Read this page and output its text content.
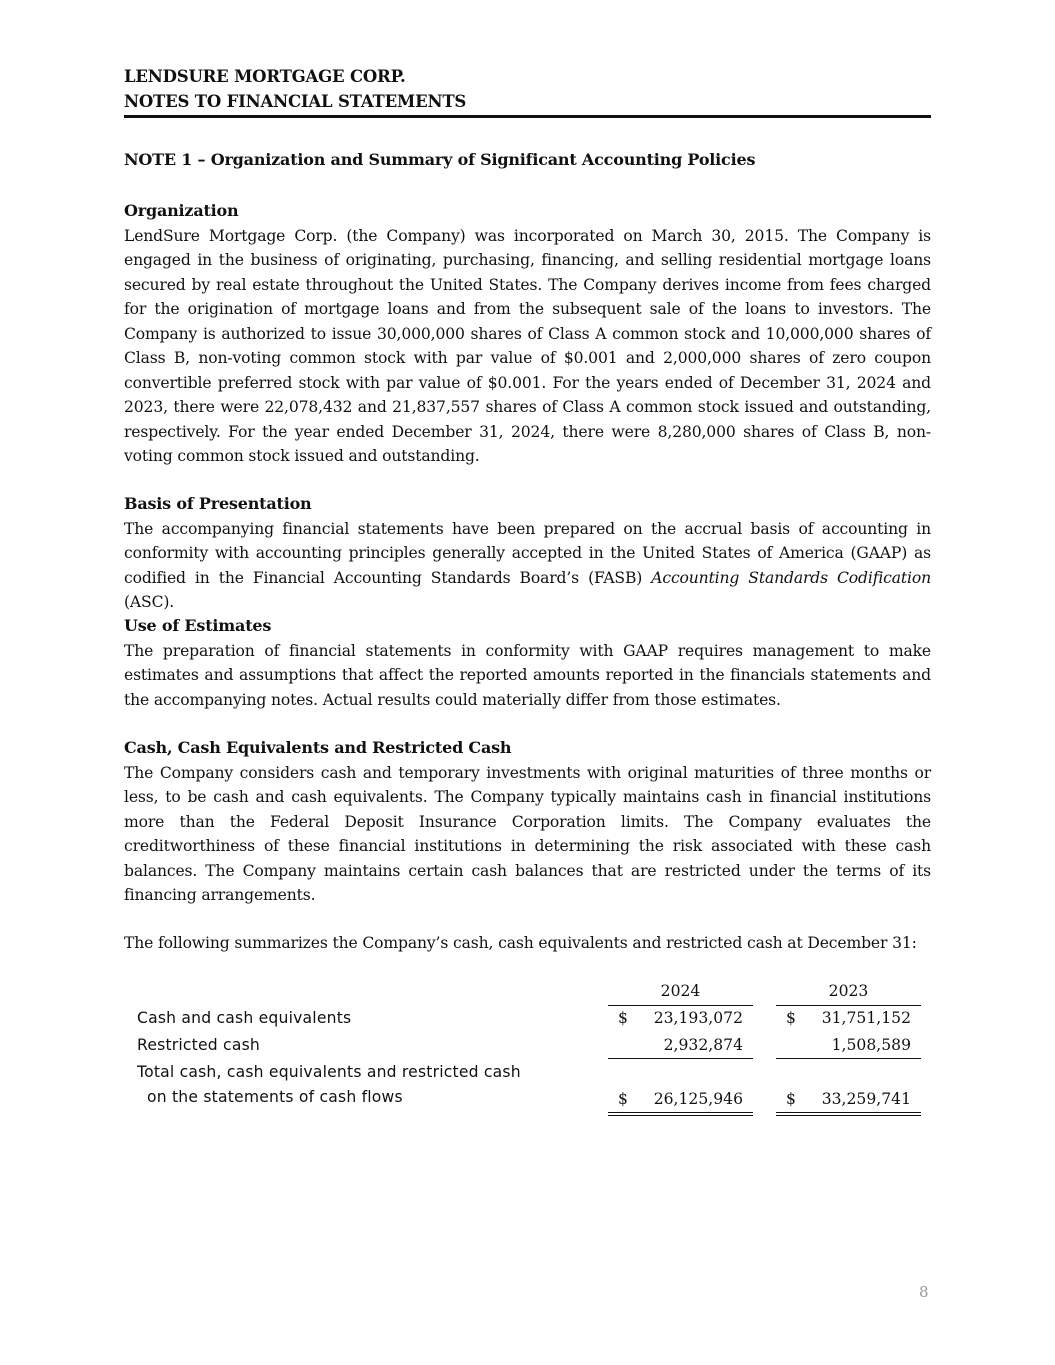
LENDSURE MORTGAGE CORP.
NOTES TO FINANCIAL STATEMENTS
NOTE 1 – Organization and Summary of Significant Accounting Policies
Organization

LendSure Mortgage Corp. (the Company) was incorporated on March 30, 2015. The Company is engaged in the business of originating, purchasing, financing, and selling residential mortgage loans secured by real estate throughout the United States. The Company derives income from fees charged for the origination of mortgage loans and from the subsequent sale of the loans to investors. The Company is authorized to issue 30,000,000 shares of Class A common stock and 10,000,000 shares of Class B, non-voting common stock with par value of $0.001 and 2,000,000 shares of zero coupon convertible preferred stock with par value of $0.001. For the years ended of December 31, 2024 and 2023, there were 22,078,432 and 21,837,557 shares of Class A common stock issued and outstanding, respectively. For the year ended December 31, 2024, there were 8,280,000 shares of Class B, non-voting common stock issued and outstanding.

Basis of Presentation

The accompanying financial statements have been prepared on the accrual basis of accounting in conformity with accounting principles generally accepted in the United States of America (GAAP) as codified in the Financial Accounting Standards Board’s (FASB) Accounting Standards Codification (ASC).

Use of Estimates

The preparation of financial statements in conformity with GAAP requires management to make estimates and assumptions that affect the reported amounts reported in the financials statements and the accompanying notes. Actual results could materially differ from those estimates.

Cash, Cash Equivalents and Restricted Cash

The Company considers cash and temporary investments with original maturities of three months or less, to be cash and cash equivalents. The Company typically maintains cash in financial institutions more than the Federal Deposit Insurance Corporation limits. The Company evaluates the creditworthiness of these financial institutions in determining the risk associated with these cash balances. The Company maintains certain cash balances that are restricted under the terms of its financing arrangements.

The following summarizes the Company’s cash, cash equivalents and restricted cash at December 31:
2024	2023
Cash and cash equivalents	$	23,193,072	$	31,751,152
Restricted cash	2,932,874	1,508,589
Total cash, cash equivalents and restricted cash
on the statements of cash flows	$	26,125,946	$	33,259,741
8
